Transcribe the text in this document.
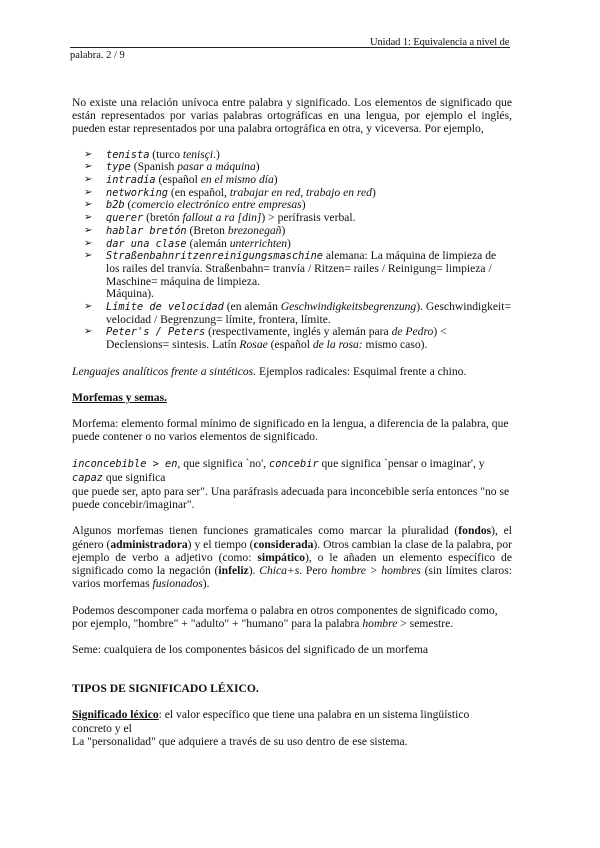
Unidad 1: Equivalencia a nivel de
palabra. 2 / 9

No existe una relación unívoca entre palabra y significado. Los elementos de significado que están representados por varias palabras ortográficas en una lengua, por ejemplo el inglés, pueden estar representados por una palabra ortográfica en otra, y viceversa. Por ejemplo,

➢ tenista (turco tenisçi.)
➢ type (Spanish pasar a máquina)
➢ intradía (español en el mismo día)
➢ networking (en español, trabajar en red, trabajo en red)
➢ b2b (comercio electrónico entre empresas)
➢ querer (bretón fallout a ra [din]) > perífrasis verbal.
➢ hablar bretón (Breton brezonegañ)
➢ dar una clase (alemán unterrichten)
➢ Straßenbahnritzenreinigungsmaschine alemana: La máquina de limpieza de los railes del tranvía. Straßenbahn= tranvía / Ritzen= railes / Reinigung= limpieza / Maschine= máquina de limpieza.
Máquina).
➢ Límite de velocidad (en alemán Geschwindigkeitsbegrenzung). Geschwindigkeit= velocidad / Begrenzung= límite, frontera, límite.
➢ Peter's / Peters (respectivamente, inglés y alemán para de Pedro) < Declensions= sintesis. Latín Rosae (español de la rosa: mismo caso).

Lenguajes analíticos frente a sintéticos. Ejemplos radicales: Esquimal frente a chino.

Morfemas y semas.

Morfema: elemento formal mínimo de significado en la lengua, a diferencia de la palabra, que puede contener o no varios elementos de significado.

inconcebible > en, que significa `no', concebir que significa `pensar o imaginar', y capaz que significa
que puede ser, apto para ser". Una paráfrasis adecuada para inconcebible sería entonces "no se puede concebir/imaginar".

Algunos morfemas tienen funciones gramaticales como marcar la pluralidad (fondos), el género (administradora) y el tiempo (considerada). Otros cambian la clase de la palabra, por ejemplo de verbo a adjetivo (como: simpático), o le añaden un elemento específico de significado como la negación (infeliz). Chica+s. Pero hombre > hombres (sin límites claros: varios morfemas fusionados).

Podemos descomponer cada morfema o palabra en otros componentes de significado como, por ejemplo, "hombre" + "adulto" + "humano" para la palabra hombre > semestre.

Seme: cualquiera de los componentes básicos del significado de un morfema

TIPOS DE SIGNIFICADO LÉXICO.

Significado léxico: el valor específico que tiene una palabra en un sistema lingüístico concreto y el
La "personalidad" que adquiere a través de su uso dentro de ese sistema.
